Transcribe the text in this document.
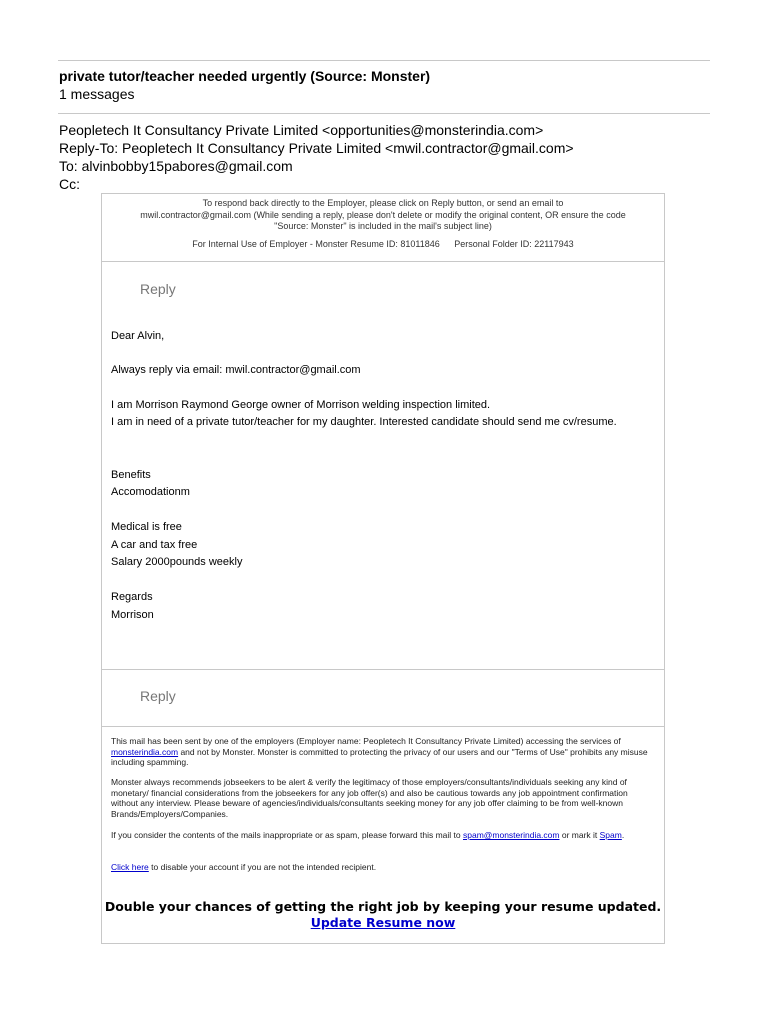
private tutor/teacher needed urgently (Source: Monster)
1 messages
Peopletech It Consultancy Private Limited <opportunities@monsterindia.com>
Reply-To: Peopletech It Consultancy Private Limited <mwil.contractor@gmail.com>
To: alvinbobby15pabores@gmail.com
Cc:
To respond back directly to the Employer, please click on Reply button, or send an email to
mwil.contractor@gmail.com (While sending a reply, please don't delete or modify the original content, OR ensure the code
"Source: Monster" is included in the mail's subject line)
For Internal Use of Employer - Monster Resume ID: 81011846 Personal Folder ID: 22117943
Reply
Dear Alvin,
Always reply via email: mwil.contractor@gmail.com
I am Morrison Raymond George owner of Morrison welding inspection limited.
I am in need of a private tutor/teacher for my daughter. Interested candidate should send me cv/resume.
Benefits
Accomodationm
Medical is free
A car and tax free
Salary 2000pounds weekly
Regards
Morrison
Reply
This mail has been sent by one of the employers (Employer name: Peopletech It Consultancy Private Limited) accessing the services of monsterindia.com and not by Monster. Monster is committed to protecting the privacy of our users and our "Terms of Use" prohibits any misuse including spamming.
Monster always recommends jobseekers to be alert & verify the legitimacy of those employers/consultants/individuals seeking any kind of monetary/ financial considerations from the jobseekers for any job offer(s) and also be cautious towards any job appointment confirmation without any interview. Please beware of agencies/individuals/consultants seeking money for any job offer claiming to be from well-known Brands/Employers/Companies.
If you consider the contents of the mails inappropriate or as spam, please forward this mail to spam@monsterindia.com or mark it Spam.
Click here to disable your account if you are not the intended recipient.
Double your chances of getting the right job by keeping your resume updated.
Update Resume now
